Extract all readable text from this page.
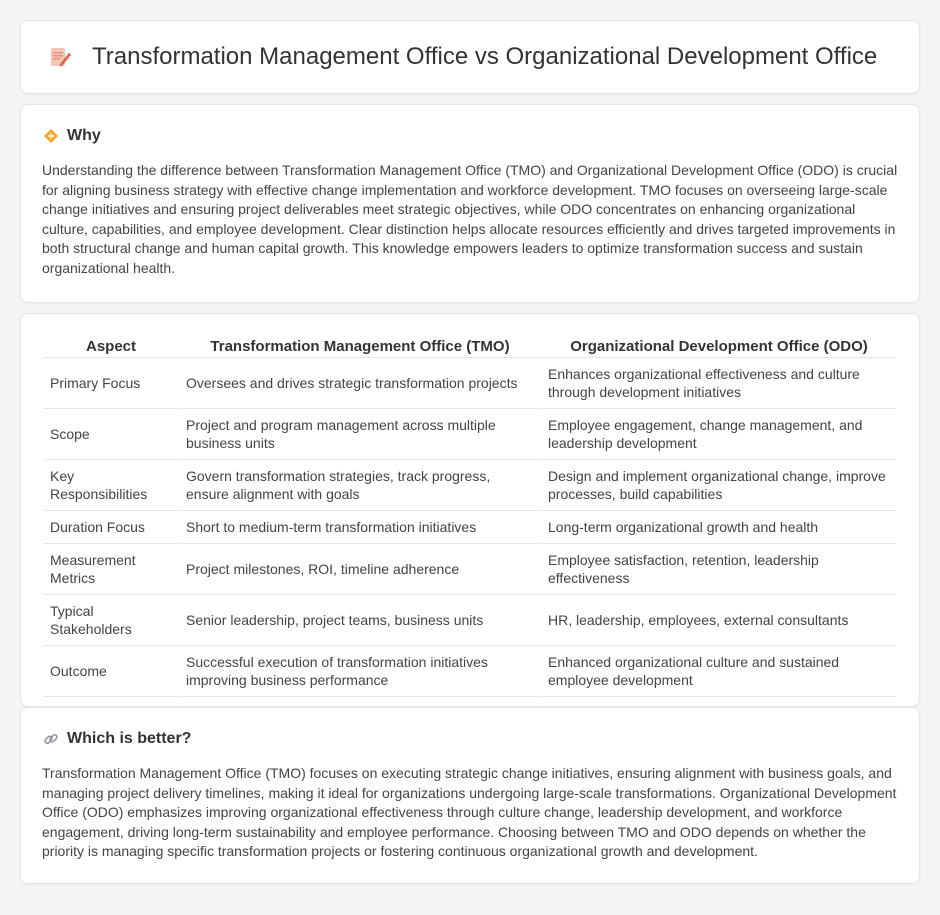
Transformation Management Office vs Organizational Development Office
Why

Understanding the difference between Transformation Management Office (TMO) and Organizational Development Office (ODO) is crucial for aligning business strategy with effective change implementation and workforce development. TMO focuses on overseeing large-scale change initiatives and ensuring project deliverables meet strategic objectives, while ODO concentrates on enhancing organizational culture, capabilities, and employee development. Clear distinction helps allocate resources efficiently and drives targeted improvements in both structural change and human capital growth. This knowledge empowers leaders to optimize transformation success and sustain organizational health.

Aspect	Transformation Management Office (TMO)	Organizational Development Office (ODO)
Primary Focus	Oversees and drives strategic transformation projects	Enhances organizational effectiveness and culture through development initiatives
Scope	Project and program management across multiple business units	Employee engagement, change management, and leadership development
Key Responsibilities	Govern transformation strategies, track progress, ensure alignment with goals	Design and implement organizational change, improve processes, build capabilities
Duration Focus	Short to medium-term transformation initiatives	Long-term organizational growth and health
Measurement Metrics	Project milestones, ROI, timeline adherence	Employee satisfaction, retention, leadership effectiveness
Typical Stakeholders	Senior leadership, project teams, business units	HR, leadership, employees, external consultants
Outcome	Successful execution of transformation initiatives improving business performance	Enhanced organizational culture and sustained employee development
Which is better?

Transformation Management Office (TMO) focuses on executing strategic change initiatives, ensuring alignment with business goals, and managing project delivery timelines, making it ideal for organizations undergoing large-scale transformations. Organizational Development Office (ODO) emphasizes improving organizational effectiveness through culture change, leadership development, and workforce engagement, driving long-term sustainability and employee performance. Choosing between TMO and ODO depends on whether the priority is managing specific transformation projects or fostering continuous organizational growth and development.
